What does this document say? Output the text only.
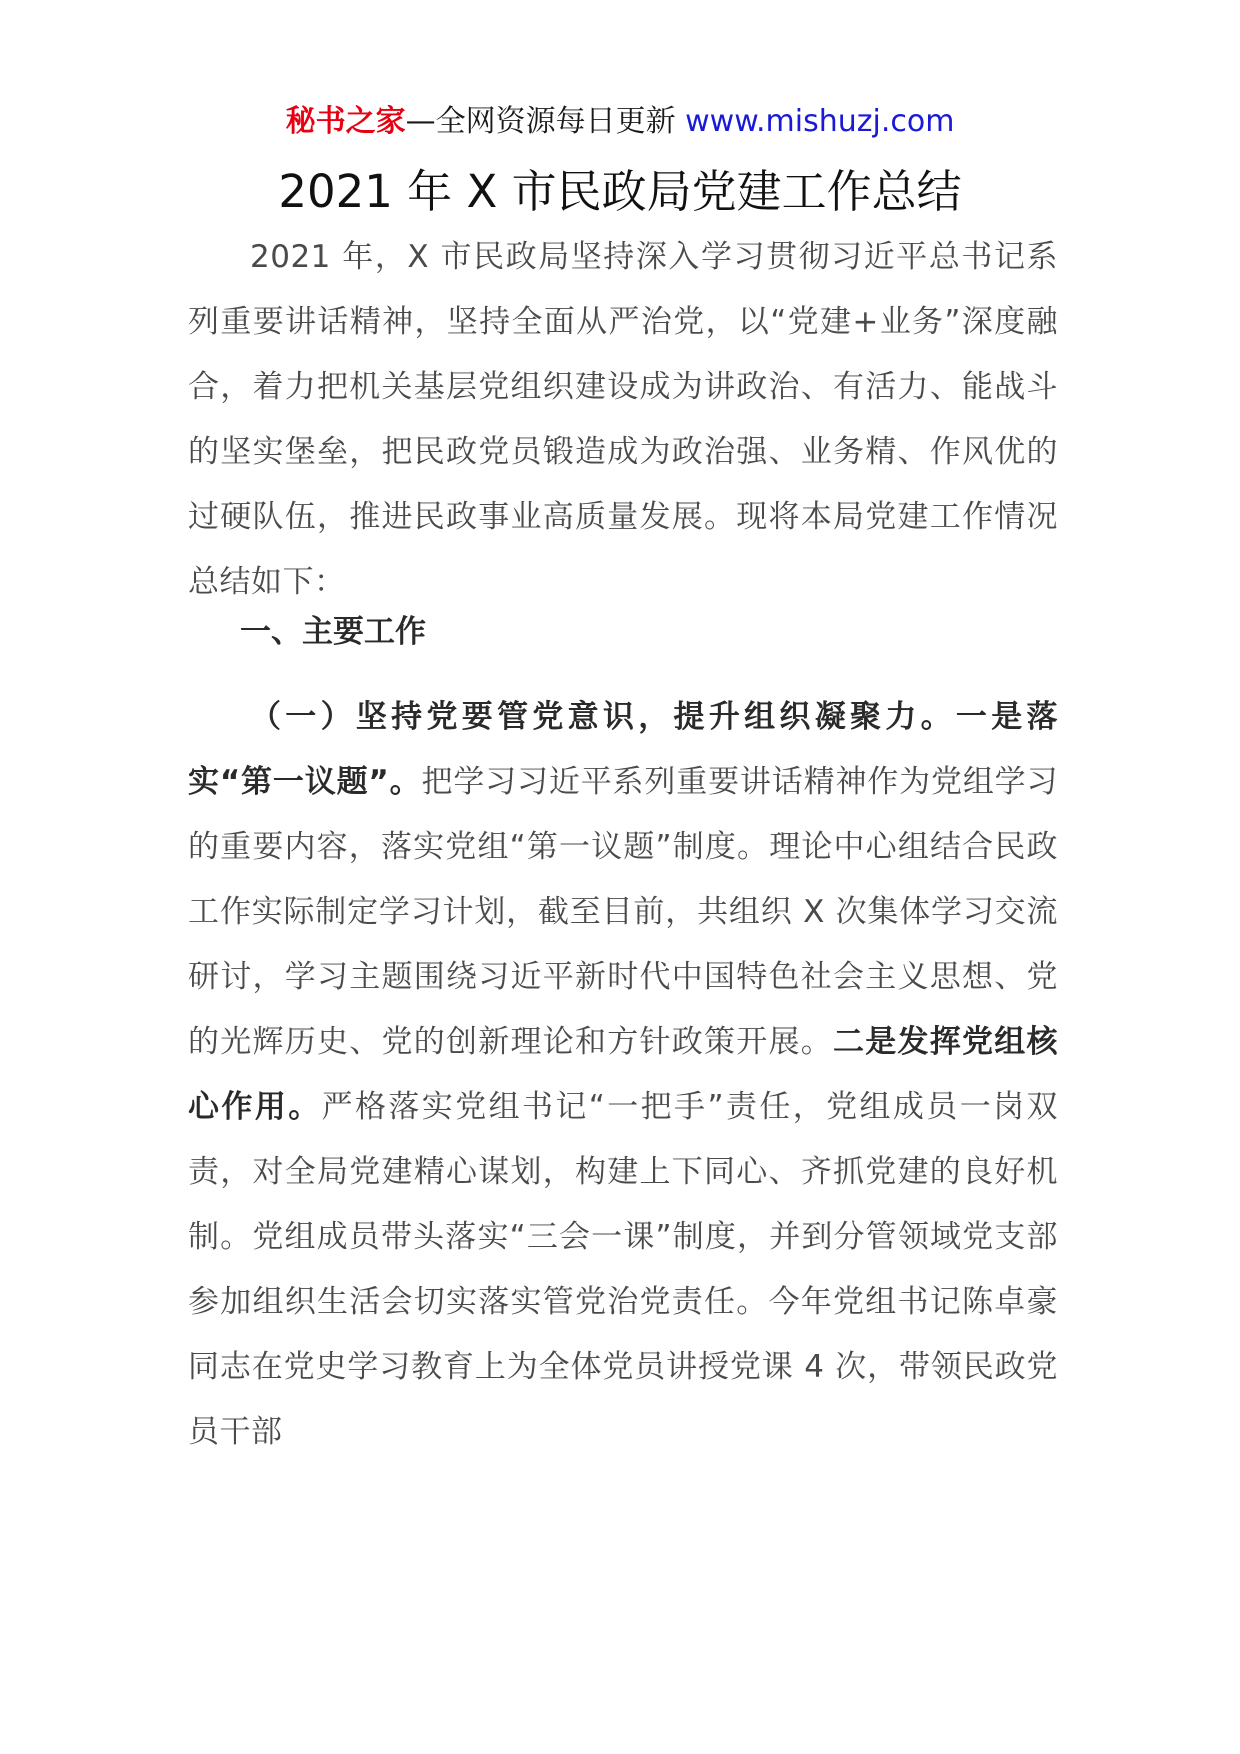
秘书之家—全网资源每日更新 www.mishuzj.com
2021 年 X 市民政局党建工作总结

2021 年，X 市民政局坚持深入学习贯彻习近平总书记系列重要讲话精神，坚持全面从严治党，以“党建+业务”深度融合，着力把机关基层党组织建设成为讲政治、有活力、能战斗的坚实堡垒，把民政党员锻造成为政治强、业务精、作风优的过硬队伍，推进民政事业高质量发展。现将本局党建工作情况总结如下：

一、主要工作

（一）坚持党要管党意识，提升组织凝聚力。一是落实“第一议题”。把学习习近平系列重要讲话精神作为党组学习的重要内容，落实党组“第一议题”制度。理论中心组结合民政工作实际制定学习计划，截至目前，共组织 X 次集体学习交流研讨，学习主题围绕习近平新时代中国特色社会主义思想、党的光辉历史、党的创新理论和方针政策开展。二是发挥党组核心作用。严格落实党组书记“一把手”责任，党组成员一岗双责，对全局党建精心谋划，构建上下同心、齐抓党建的良好机制。党组成员带头落实“三会一课”制度，并到分管领域党支部参加组织生活会切实落实管党治党责任。今年党组书记陈卓豪同志在党史学习教育上为全体党员讲授党课 4 次，带领民政党员干部
